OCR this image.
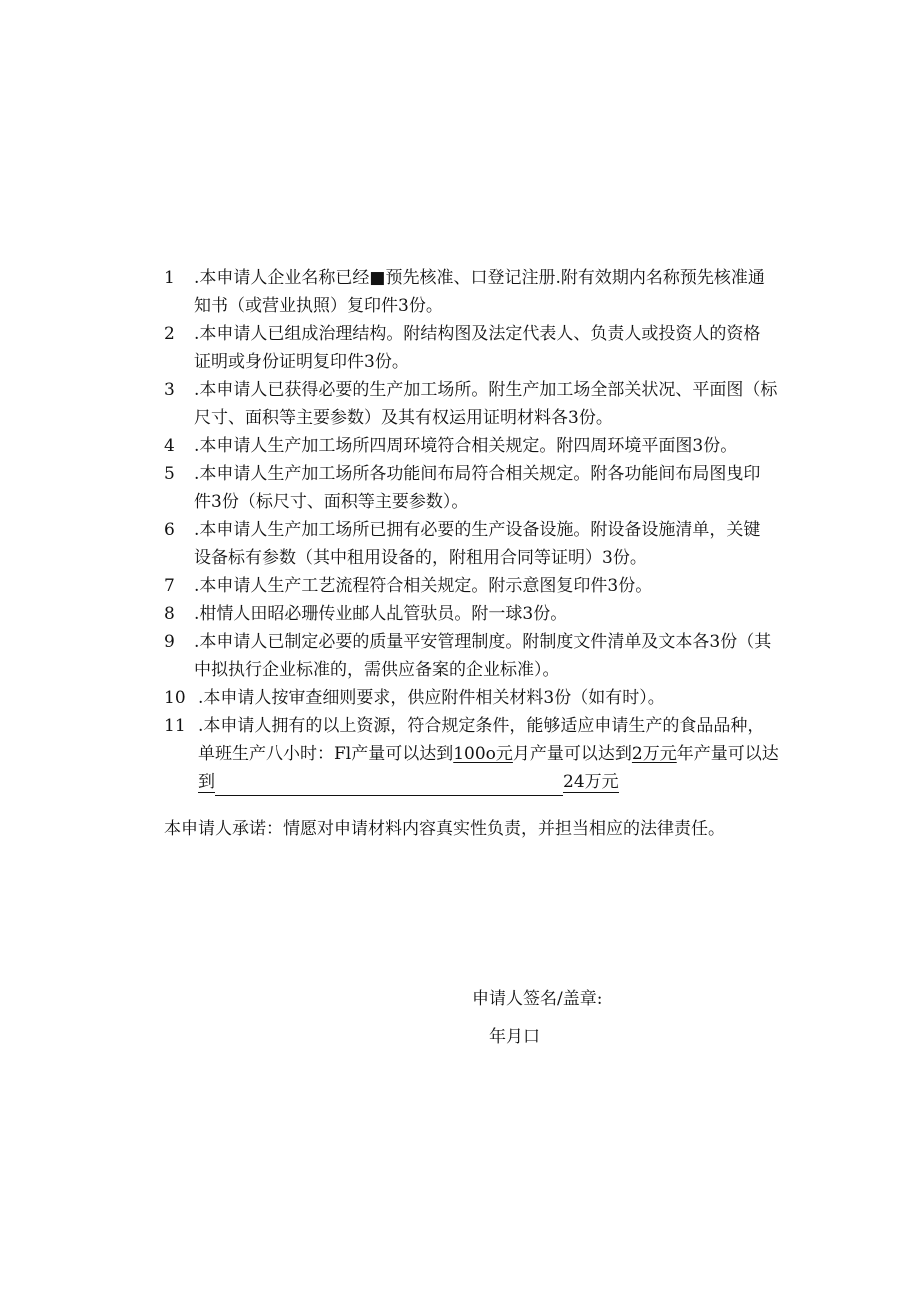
1	.本申请人企业名称已经■预先核准、口登记注册.附有效期内名称预先核准通
知书（或营业执照）复印件3份。
2	.本申请人已组成治理结构。附结构图及法定代表人、负责人或投资人的资格
证明或身份证明复印件3份。
3	.本申请人已获得必要的生产加工场所。附生产加工场全部关状况、平面图（标
尺寸、面积等主要参数）及其有权运用证明材料各3份。
4	.本申请人生产加工场所四周环境符合相关规定。附四周环境平面图3份。
5	.本申请人生产加工场所各功能间布局符合相关规定。附各功能间布局图曳印
件3份（标尺寸、面积等主要参数）。
6	.本申请人生产加工场所已拥有必要的生产设备设施。附设备设施清单，关键
设备标有参数（其中租用设备的，附租用合同等证明）3份。
7	.本申请人生产工艺流程符合相关规定。附示意图复印件3份。
8	.柑情人田昭必珊传业邮人乩管驮员。附一球3份。
9	.本申请人已制定必要的质量平安管理制度。附制度文件清单及文本各3份（其
中拟执行企业标准的，需供应备案的企业标准）。
10 .本申请人按审查细则要求，供应附件相关材料3份（如有时）。
11 .本申请人拥有的以上资源，符合规定条件，能够适应申请生产的食品品种，
单班生产八小时：Fl产量可以达到100o元月产量可以达到2万元年产量可以达
到	24万元
本申请人承诺：情愿对申请材料内容真实性负责，并担当相应的法律责任。
申请人签名/盖章:
年月口
